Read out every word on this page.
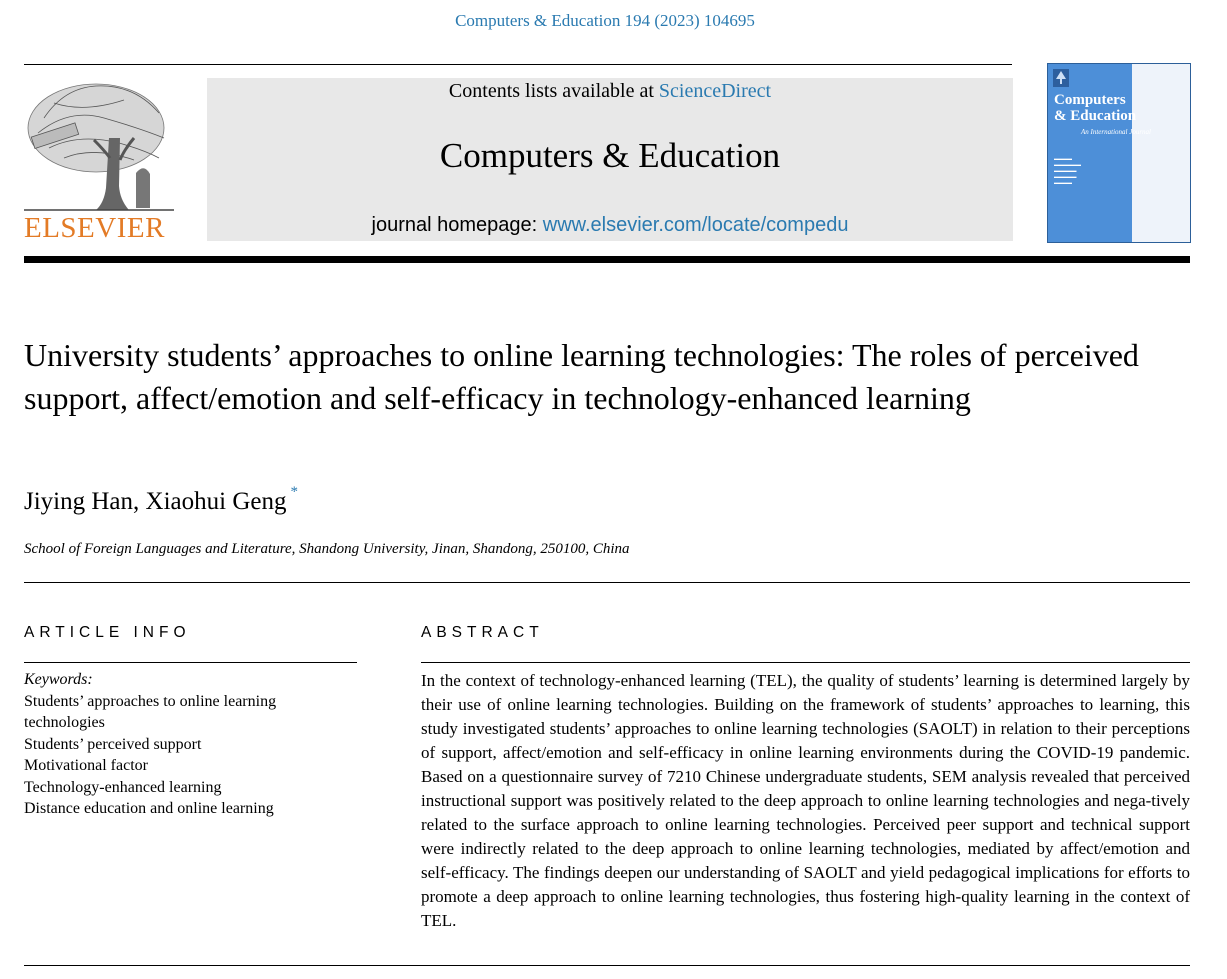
Computers & Education 194 (2023) 104695
ELSEVIER
Contents lists available at ScienceDirect
Computers & Education
journal homepage: www.elsevier.com/locate/compedu
Computers
& Education
An International Journal
▬▬▬▬
▬▬▬▬▬▬
▬▬▬▬▬
▬▬▬▬▬
▬▬▬▬
University students’ approaches to online learning technologies: The roles of perceived support, affect/emotion and self-efficacy in technology-enhanced learning
Jiying Han, Xiaohui Geng *
School of Foreign Languages and Literature, Shandong University, Jinan, Shandong, 250100, China
ARTICLE INFO	ABSTRACT
Keywords:
Students’ approaches to online learning technologies
Students’ perceived support
Motivational factor
Technology-enhanced learning
Distance education and online learning
In the context of technology-enhanced learning (TEL), the quality of students’ learning is determined largely by their use of online learning technologies. Building on the framework of students’ approaches to learning, this study investigated students’ approaches to online learning technologies (SAOLT) in relation to their perceptions of support, affect/emotion and self-efficacy in online learning environments during the COVID-19 pandemic. Based on a questionnaire survey of 7210 Chinese undergraduate students, SEM analysis revealed that perceived instructional support was positively related to the deep approach to online learning technologies and nega-tively related to the surface approach to online learning technologies. Perceived peer support and technical support were indirectly related to the deep approach to online learning technologies, mediated by affect/emotion and self-efficacy. The findings deepen our understanding of SAOLT and yield pedagogical implications for efforts to promote a deep approach to online learning technologies, thus fostering high-quality learning in the context of TEL.
